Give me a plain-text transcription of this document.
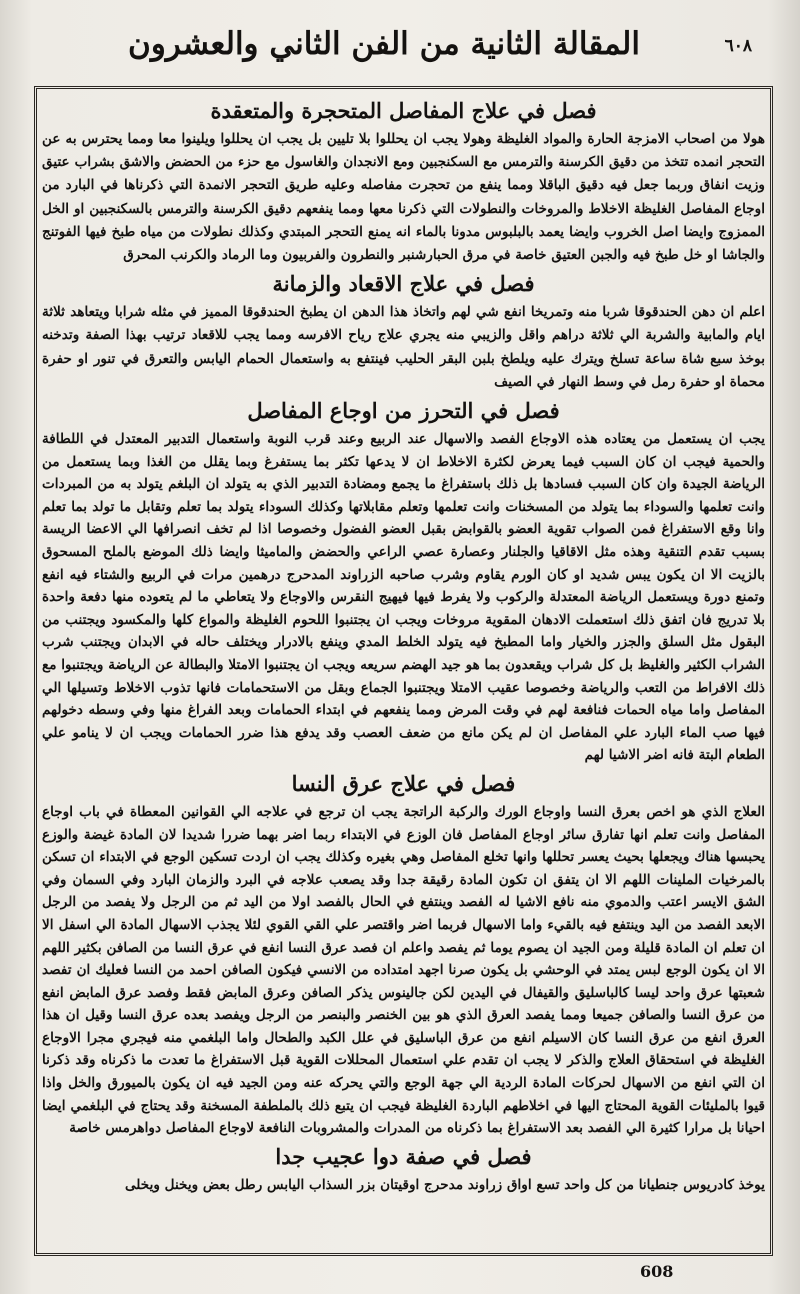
المقالة الثانية من الفن الثاني والعشرون	٦٠٨
فصل في علاج المفاصل المتحجرة والمتعقدة

هولا من اصحاب الامزجة الحارة والمواد الغليظة وهولا يجب ان يحللوا بلا تليين بل يجب ان يحللوا ويلينوا معا ومما يحترس به عن التحجر انمده تتخذ من دقيق الكرسنة والترمس مع السكنجبين ومع الانجدان والغاسول مع حزء من الحضض والاشق بشراب عتيق وزيت انفاق وربما جعل فيه دقيق الباقلا ومما ينفع من تحجرت مفاصله وعليه طريق التحجر الانمدة التي ذكرناها في البارد من اوجاع المفاصل الغليظة الاخلاط والمروخات والنطولات التي ذكرنا معها ومما ينفعهم دقيق الكرسنة والترمس بالسكنجبين او الخل الممزوج وايضا اصل الخروب وايضا يعمد بالبلبوس مدونا بالماء انه يمنع التحجر المبتدي وكذلك نطولات من مياه طبخ فيها الفوتنج والجاشا او خل طبخ فيه والجبن العتيق خاصة في مرق الحبارشنبر والنطرون والفربيون وما الرماد والكرنب المحرق

فصل في علاج الاقعاد والزمانة

اعلم ان دهن الحندقوقا شربا منه وتمريخا انفع شي لهم واتخاذ هذا الدهن ان يطبخ الحندقوقا المميز في مثله شرابا ويتعاهد ثلاثة ايام والمابية والشربة الي ثلاثة دراهم واقل والزيبي منه يجري علاج رياح الافرسه ومما يجب للاقعاد ترتيب بهذا الصفة وتدخنه بوخذ سبع شاة ساعة تسلخ ويترك عليه ويلطخ بلبن البقر الحليب فينتفع به واستعمال الحمام اليابس والتعرق في تنور او حفرة محماة او حفرة رمل في وسط النهار في الصيف

فصل في التحرز من اوجاع المفاصل

يجب ان يستعمل من يعتاده هذه الاوجاع الفصد والاسهال عند الربيع وعند قرب النوبة واستعمال التدبير المعتدل في اللطافة والحمية فيجب ان كان السبب فيما يعرض لكثرة الاخلاط ان لا يدعها تكثر بما يستفرغ وبما يقلل من الغذا وبما يستعمل من الرياضة الجيدة وان كان السبب فسادها بل ذلك باستفراغ ما يجمع ومضادة التدبير الذي به يتولد ان البلغم يتولد به من المبردات وانت تعلمها والسوداء بما يتولد من المسخنات وانت تعلمها وتعلم مقابلاتها وكذلك السوداء يتولد بما تعلم وتقابل ما تولد بما تعلم وانا وقع الاستفراغ فمن الصواب تقوية العضو بالقوابض بقبل العضو الفضول وخصوصا اذا لم تخف انصرافها الي الاعضا الريسة بسبب تقدم التنقية وهذه مثل الاقاقيا والجلنار وعصارة عصي الراعي والحضض والماميثا وايضا ذلك الموضع بالملح المسحوق بالزيت الا ان يكون يبس شديد او كان الورم يقاوم وشرب صاحبه الزراوند المدحرج درهمين مرات في الربيع والشتاء فيه انفع وتمنع دورة ويستعمل الرياضة المعتدلة والركوب ولا يفرط فيها فيهيج النقرس والاوجاع ولا يتعاطي ما لم يتعوده منها دفعة واحدة بلا تدريج فان اتفق ذلك استعملت الادهان المقوية مروخات ويجب ان يجتنبوا اللحوم الغليظة والمواع كلها والمكسود ويجتنب من البقول مثل السلق والجزر والخيار واما المطبخ فيه يتولد الخلط المدي وينفع بالادرار ويختلف حاله في الابدان ويجتنب شرب الشراب الكثير والغليظ بل كل شراب ويقعدون بما هو جيد الهضم سريعه ويجب ان يجتنبوا الامتلا والبطالة عن الرياضة ويجتنبوا مع ذلك الافراط من التعب والرياضة وخصوصا عقيب الامتلا ويجتنبوا الجماع وبقل من الاستحمامات فانها تذوب الاخلاط وتسيلها الي المفاصل واما مياه الحمات فنافعة لهم في وقت المرض ومما ينفعهم في ابتداء الحمامات وبعد الفراغ منها وفي وسطه دخولهم فيها صب الماء البارد علي المفاصل ان لم يكن مانع من ضعف العصب وقد يدفع هذا ضرر الحمامات ويجب ان لا ينامو علي الطعام البتة فانه اضر الاشيا لهم

فصل في علاج عرق النسا

العلاج الذي هو اخص بعرق النسا واوجاع الورك والركبة الراتجة يجب ان ترجع في علاجه الي القوانين المعطاة في باب اوجاع المفاصل وانت تعلم انها تفارق سائر اوجاع المفاصل فان الوزع في الابتداء ربما اضر بهما ضررا شديدا لان المادة غيضة والوزع يحبسها هناك ويجعلها بحيث يعسر تحللها وانها تخلع المفاصل وهي بغيره وكذلك يجب ان اردت تسكين الوجع في الابتداء ان تسكن بالمرخيات الملينات اللهم الا ان يتفق ان تكون المادة رقيقة جدا وقد يصعب علاجه في البرد والزمان البارد وفي السمان وفي الشق الايسر اعتب والدموي منه نافع الاشيا له الفصد وينتفع في الحال بالفصد اولا من اليد ثم من الرجل ولا يفصد من الرجل الابعد الفصد من اليد وينتفع فيه بالقيء واما الاسهال فربما اضر واقتصر علي القي القوي لئلا يجذب الاسهال المادة الي اسفل الا ان تعلم ان المادة قليلة ومن الجيد ان يصوم يوما ثم يفصد واعلم ان فصد عرق النسا انفع في عرق النسا من الصافن بكثير اللهم الا ان يكون الوجع لبس يمتد في الوحشي بل يكون صرنا اجهد امتداده من الانسي فيكون الصافن احمد من النسا فعليك ان تفصد شعبتها عرق واحد ليسا كالباسليق والقيفال في اليدين لكن جالينوس يذكر الصافن وعرق المابض فقط وفصد عرق المابض انفع من عرق النسا والصافن جميعا ومما يفصد العرق الذي هو بين الخنصر والبنصر من الرجل ويفصد بعده عرق النسا وقيل ان هذا العرق انفع من عرق النسا كان الاسيلم انفع من عرق الباسليق في علل الكبد والطحال واما البلغمي منه فيجري مجرا الاوجاع الغليظة في استحقاق العلاج والذكر لا يجب ان تقدم علي استعمال المحللات القوية قبل الاستفراغ ما تعدت ما ذكرناه وقد ذكرنا ان التي انفع من الاسهال لحركات المادة الردية الي جهة الوجع والتي يحركه عنه ومن الجيد فيه ان يكون بالميورق والخل واذا قيوا بالمليئات القوية المحتاج اليها في اخلاطهم الباردة الغليظة فيجب ان يتبع ذلك بالملطفة المسخنة وقد يحتاج في البلغمي ايضا احيانا بل مرارا كثيرة الي الفصد بعد الاستفراغ بما ذكرناه من المدرات والمشروبات النافعة لاوجاع المفاصل دواهرمس خاصة

فصل في صفة دوا عجيب جدا

يوخذ كادريوس جنطيانا من كل واحد تسع اواق زراوند مدحرج اوقيتان بزر السذاب اليابس رطل بعض ويخنل ويخلى

608
